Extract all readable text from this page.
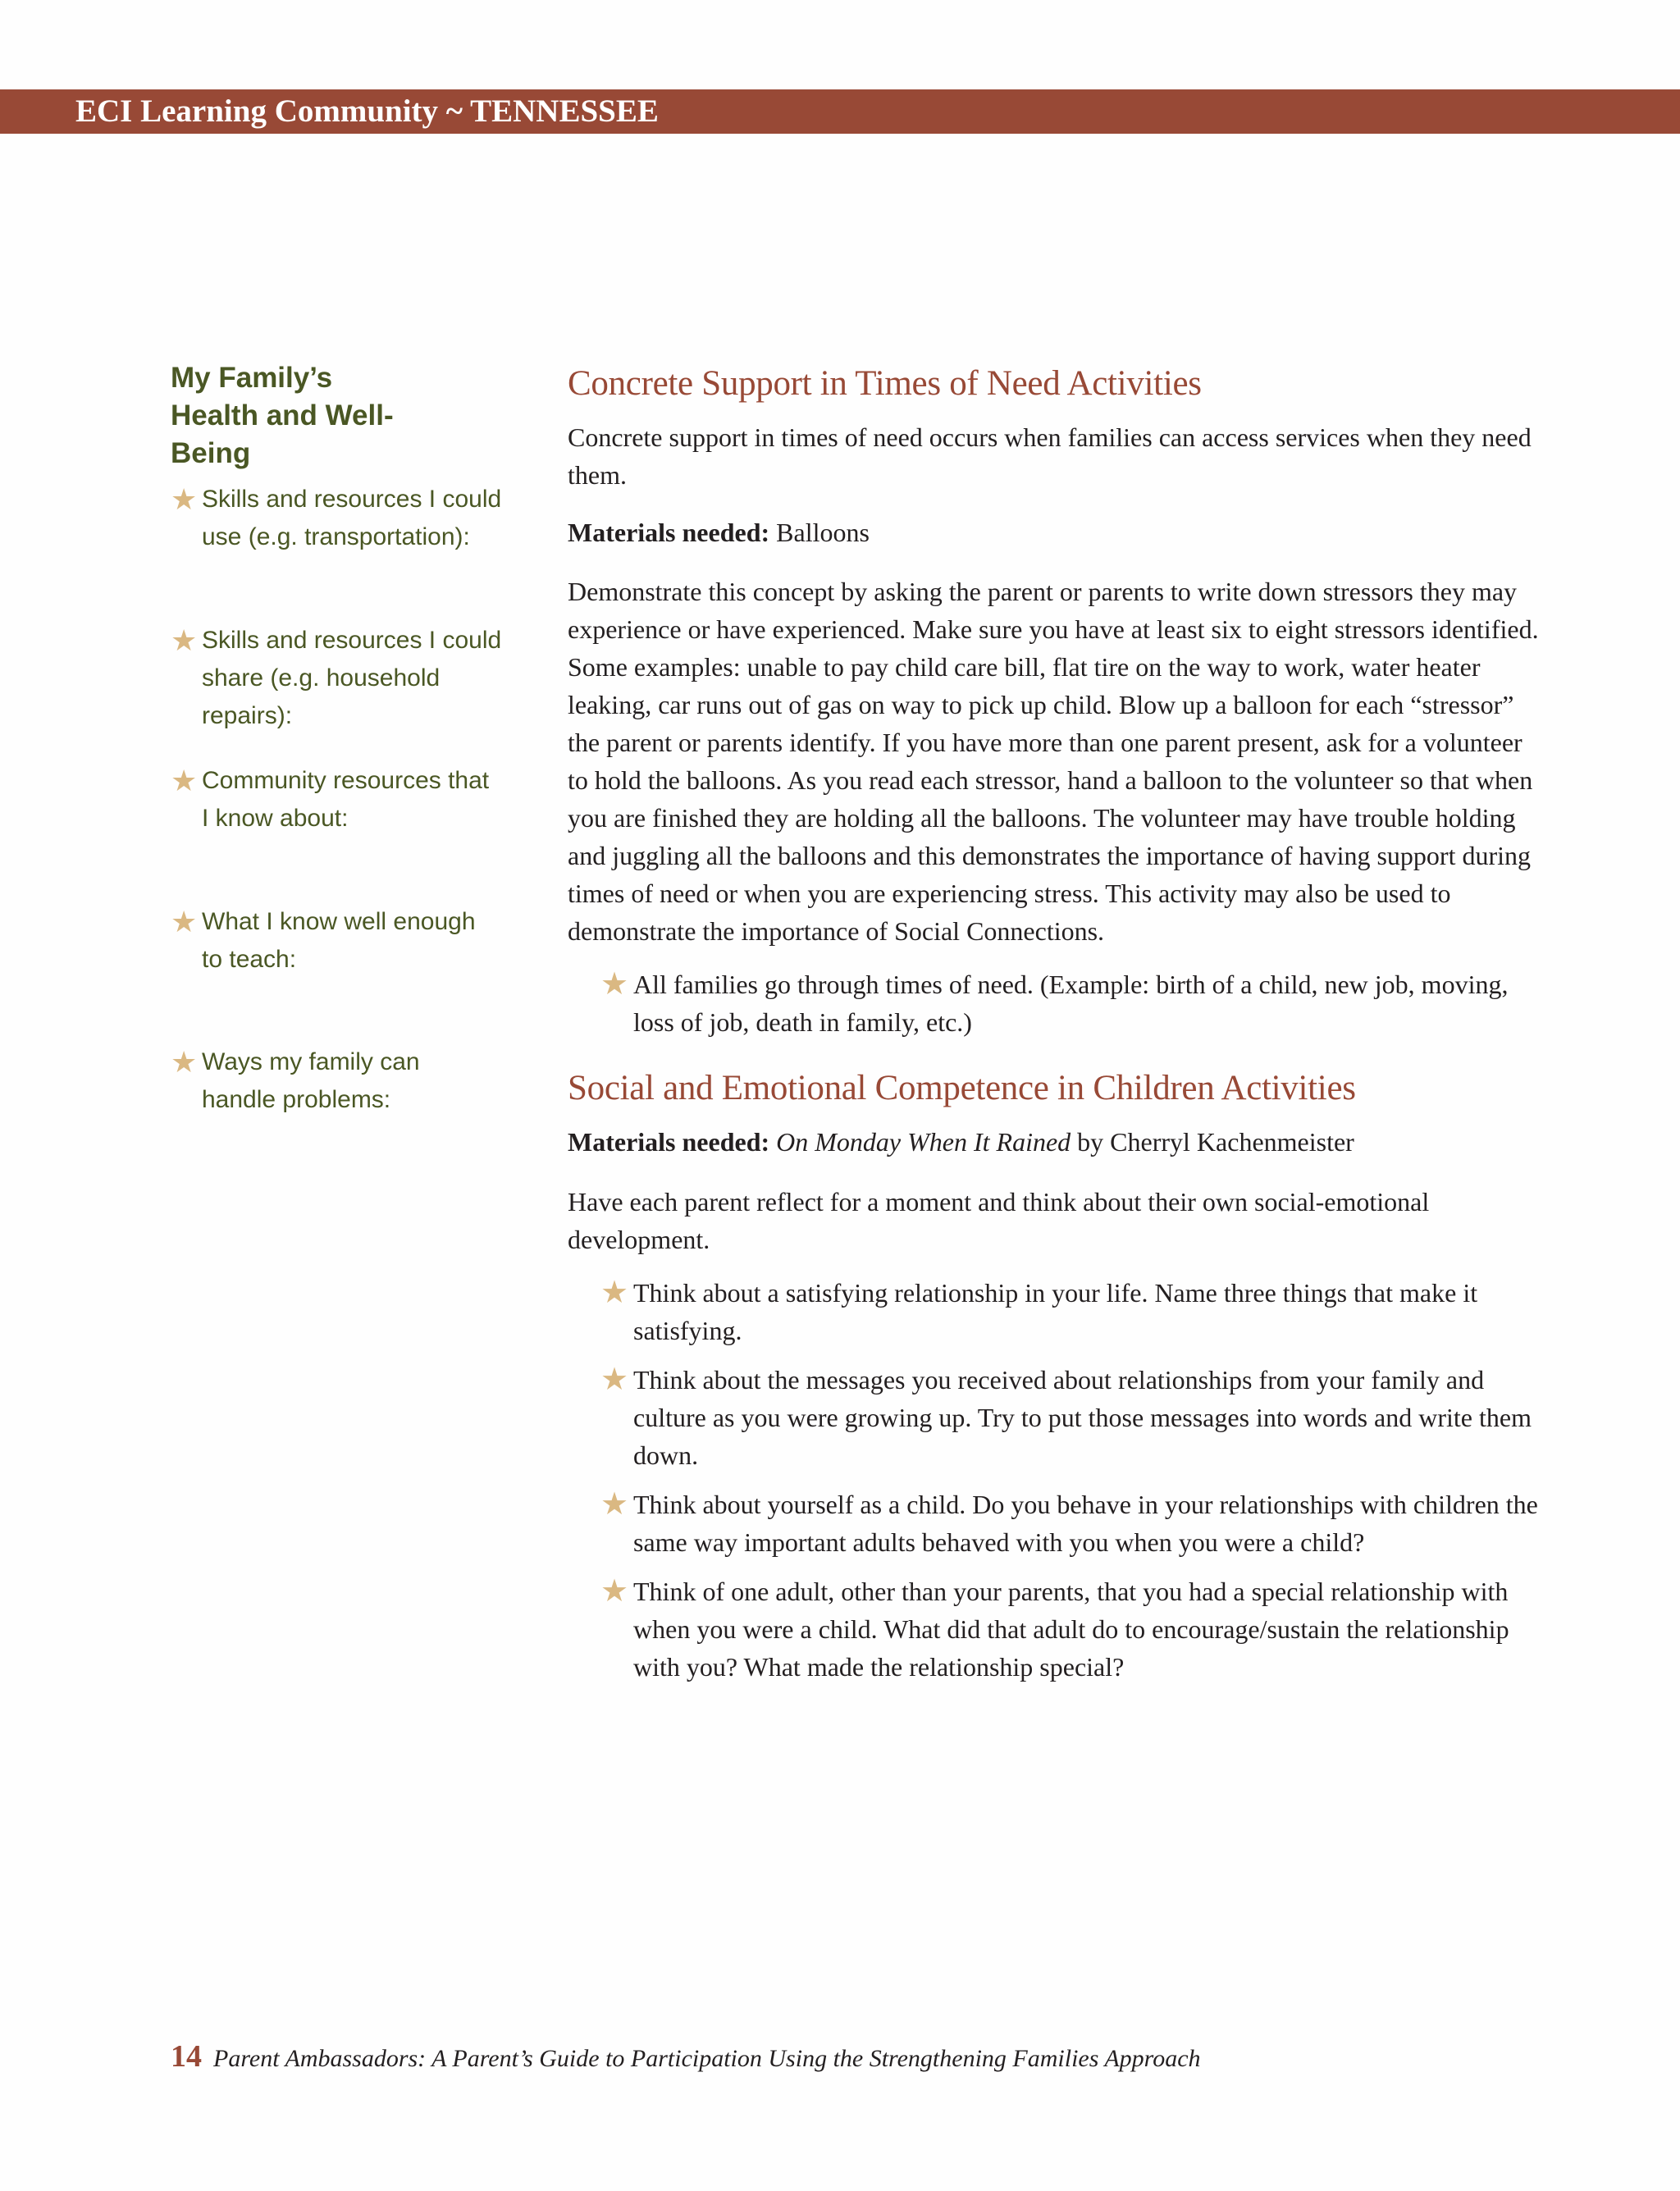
ECI Learning Community ~ TENNESSEE

My Family’s Health and Well-Being

★ Skills and resources I could use (e.g. transportation):
★ Skills and resources I could share (e.g. household repairs):
★ Community resources that I know about:
★ What I know well enough to teach:
★ Ways my family can handle problems:
Concrete Support in Times of Need Activities

Concrete support in times of need occurs when families can access services when they need them.

Materials needed: Balloons

Demonstrate this concept by asking the parent or parents to write down stressors they may experience or have experienced. Make sure you have at least six to eight stressors identified. Some examples: unable to pay child care bill, flat tire on the way to work, water heater leaking, car runs out of gas on way to pick up child. Blow up a balloon for each “stressor” the parent or parents identify. If you have more than one parent present, ask for a volunteer to hold the balloons. As you read each stressor, hand a balloon to the volunteer so that when you are finished they are holding all the balloons. The volunteer may have trouble holding and juggling all the balloons and this demonstrates the importance of having support during times of need or when you are experiencing stress. This activity may also be used to demonstrate the importance of Social Connections.

★ All families go through times of need. (Example: birth of a child, new job, moving, loss of job, death in family, etc.)
Social and Emotional Competence in Children Activities

Materials needed: On Monday When It Rained by Cherryl Kachenmeister

Have each parent reflect for a moment and think about their own social-emotional development.

★ Think about a satisfying relationship in your life. Name three things that make it satisfying.
★ Think about the messages you received about relationships from your family and culture as you were growing up. Try to put those messages into words and write them down.
★ Think about yourself as a child. Do you behave in your relationships with children the same way important adults behaved with you when you were a child?
★ Think of one adult, other than your parents, that you had a special relationship with when you were a child. What did that adult do to encourage/sustain the relationship with you? What made the relationship special?
14 Parent Ambassadors: A Parent’s Guide to Participation Using the Strengthening Families Approach
